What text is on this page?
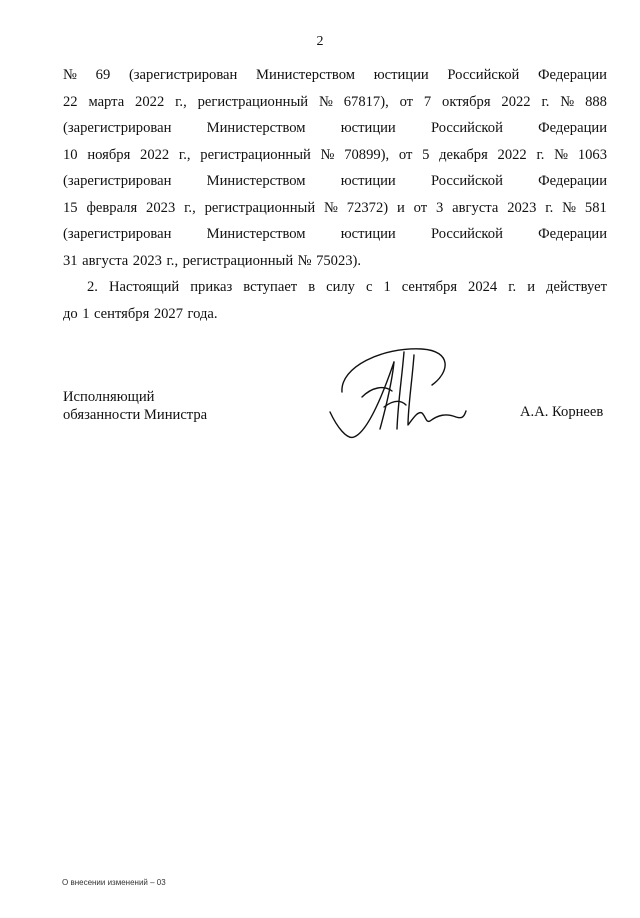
2
№ 69 (зарегистрирован Министерством юстиции Российской Федерации
22 марта 2022 г., регистрационный № 67817), от 7 октября 2022 г. № 888
(зарегистрирован Министерством юстиции Российской Федерации
10 ноября 2022 г., регистрационный № 70899), от 5 декабря 2022 г. № 1063
(зарегистрирован Министерством юстиции Российской Федерации
15 февраля 2023 г., регистрационный № 72372) и от 3 августа 2023 г. № 581
(зарегистрирован Министерством юстиции Российской Федерации
31 августа 2023 г., регистрационный № 75023).
2. Настоящий приказ вступает в силу с 1 сентября 2024 г. и действует
до 1 сентября 2027 года.
Исполняющий
обязанности Министра	А.А. Корнеев
О внесении изменений – 03
